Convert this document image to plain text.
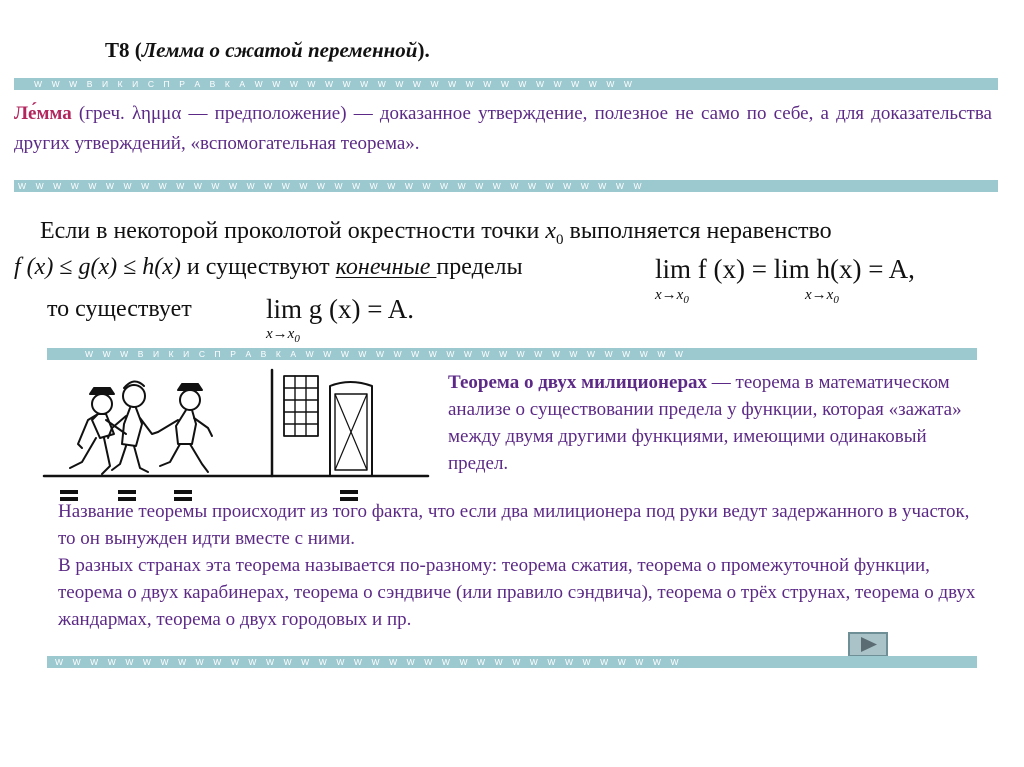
Т8 (Лемма о сжатой переменной).
W W W В И К И С П Р А В К А W W W W W W W W W W W W W W W W W W W W W W
Ле́мма (греч. λημμα — предположение) — доказанное утверждение, полезное не само по себе, а для доказательства других утверждений, «вспомогательная теорема».
W W W W W W W W W W W W W W W W W W W W W W W W W W W W W W W W W W W W
Если в некоторой проколотой окрестности точки $x_0$ выполняется неравенство
f (x) ≤ g(x) ≤ h(x) и существуют конечные пределы	lim f (x) = lim h(x) = A,
$x\to x_0$	$x\to x_0$
то существует	lim g (x) = A.
$x\to x_0$
W W W В И К И С П Р А В К А W W W W W W W W W W W W W W W W W W W W W W
Теорема о двух милиционерах — теорема в математическом анализе о существовании предела у функции, которая «зажата» между двумя другими функциями, имеющими одинаковый предел.

Название теоремы происходит из того факта, что если два милиционера под руки ведут задержанного в участок, то он вынужден идти вместе с ними.

В разных странах эта теорема называется по-разному: теорема сжатия, теорема о промежуточной функции, теорема о двух карабинерах, теорема о сэндвиче (или правило сэндвича), теорема о трёх струнах, теорема о двух жандармах, теорема о двух городовых и пр.

W W W W W W W W W W W W W W W W W W W W W W W W W W W W W W W W W W W W
